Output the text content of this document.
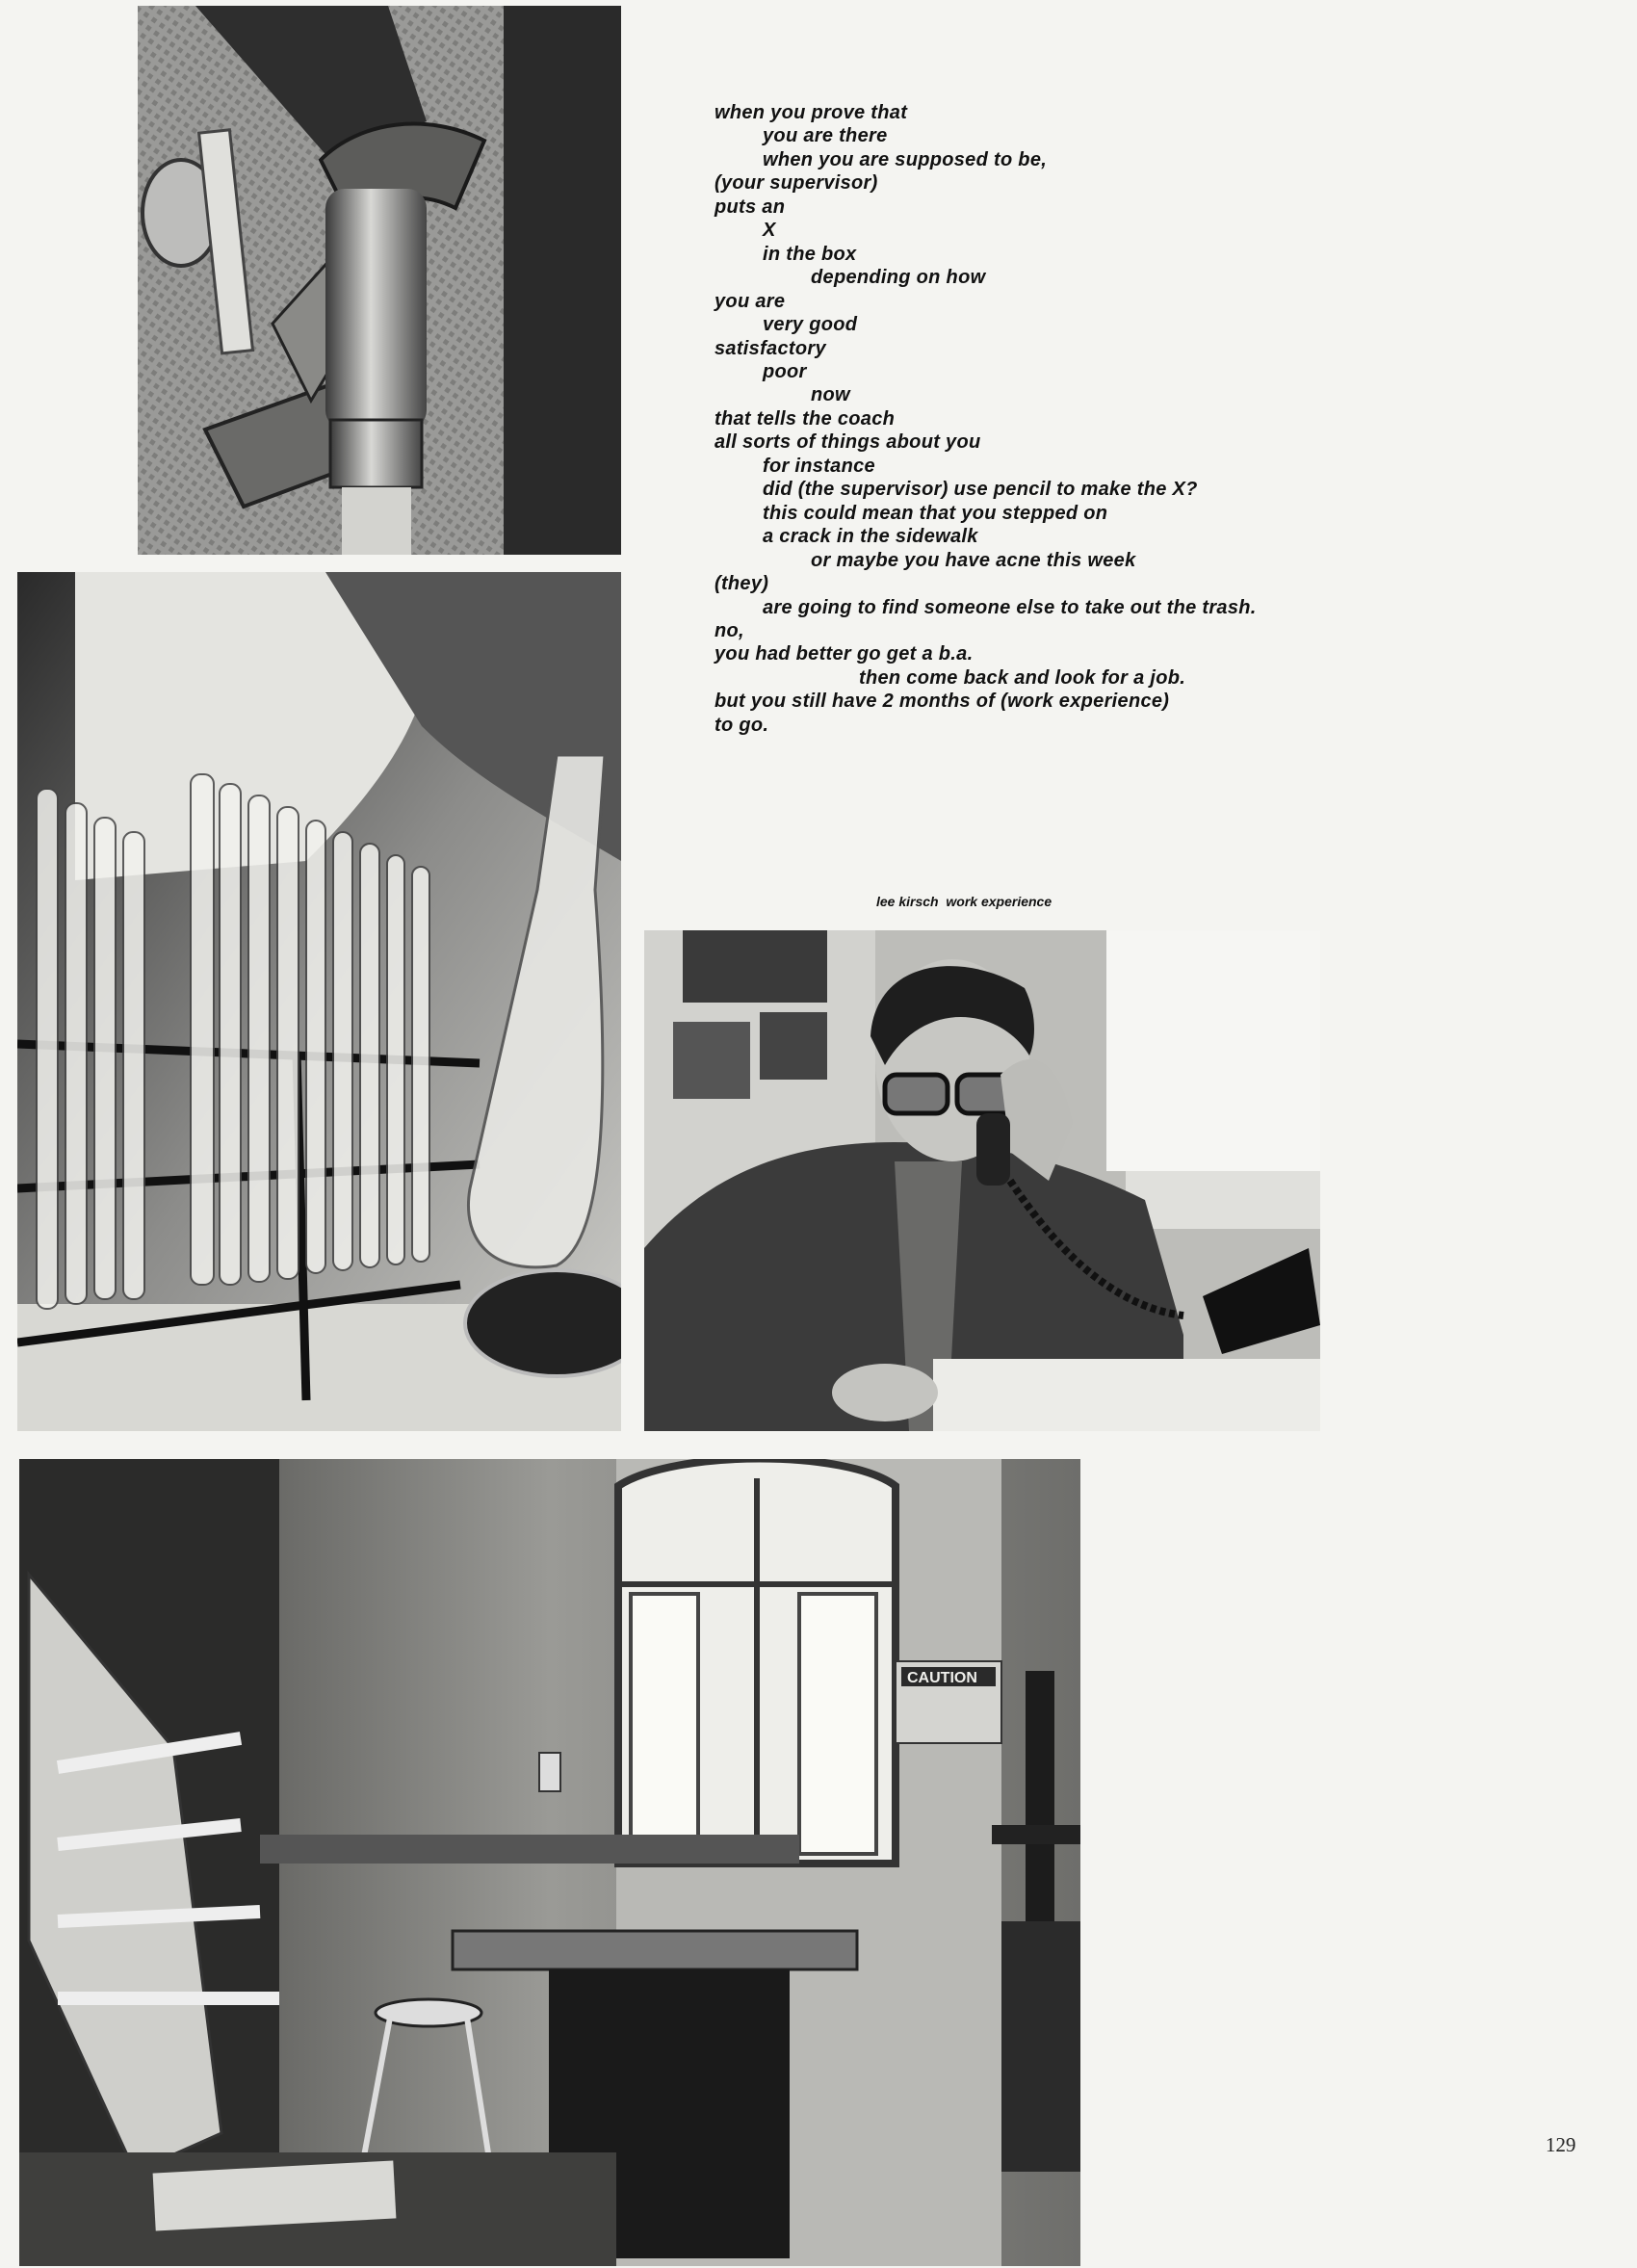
CAUTION
when you prove that
you are there
when you are supposed to be,
(your supervisor)
puts an
X
in the box
depending on how
you are
very good
satisfactory
poor
now
that tells the coach
all sorts of things about you
for instance
did (the supervisor) use pencil to make the X?
this could mean that you stepped on
a crack in the sidewalk
or maybe you have acne this week
(they)
are going to find someone else to take out the trash.
no,
you had better go get a b.a.
then come back and look for a job.
but you still have 2 months of (work experience)
to go.
lee kirsch work experience
129
